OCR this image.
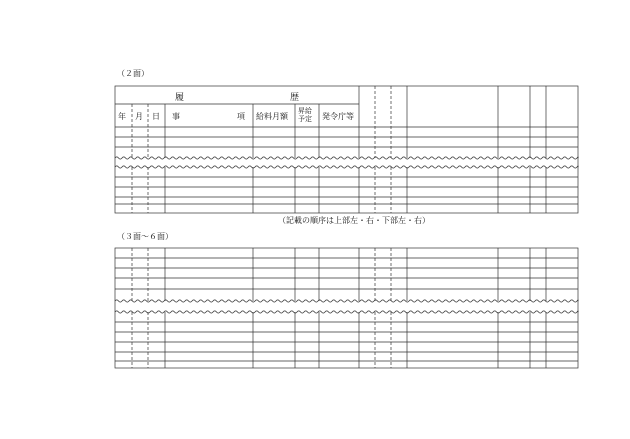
（２面）
履	歴
年 月 日 事	項 給料月額
昇給
予定 発令庁等
（記載の順序は上部左・右・下部左・右）
（３面～６面）
